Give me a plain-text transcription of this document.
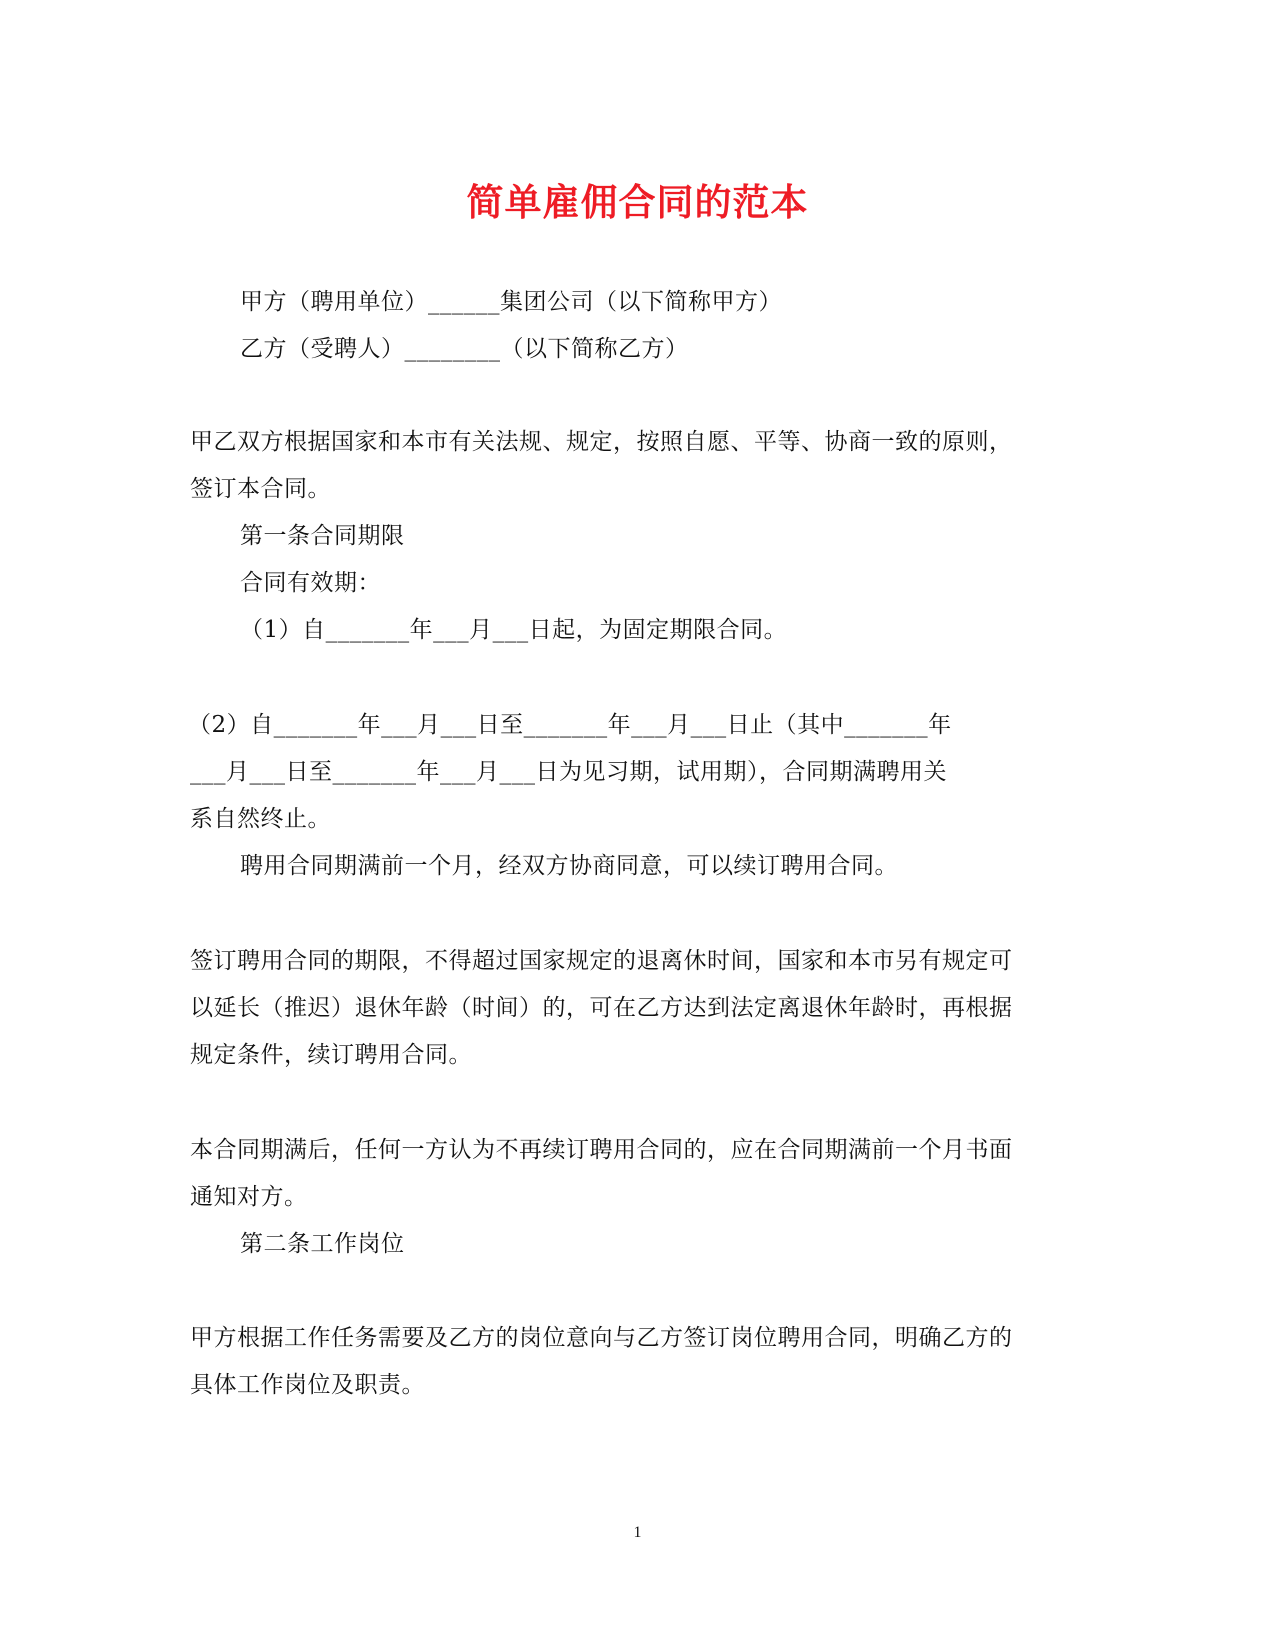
简单雇佣合同的范本
甲方（聘用单位）______集团公司（以下简称甲方）
乙方（受聘人）________（以下简称乙方）
甲乙双方根据国家和本市有关法规、规定，按照自愿、平等、协商一致的原则，
签订本合同。
第一条合同期限
合同有效期：
（1）自_______年___月___日起，为固定期限合同。
（2）自_______年___月___日至_______年___月___日止（其中_______年
___月___日至_______年___月___日为见习期，试用期），合同期满聘用关
系自然终止。
聘用合同期满前一个月，经双方协商同意，可以续订聘用合同。
签订聘用合同的期限，不得超过国家规定的退离休时间，国家和本市另有规定可
以延长（推迟）退休年龄（时间）的，可在乙方达到法定离退休年龄时，再根据
规定条件，续订聘用合同。
本合同期满后，任何一方认为不再续订聘用合同的，应在合同期满前一个月书面
通知对方。
第二条工作岗位
甲方根据工作任务需要及乙方的岗位意向与乙方签订岗位聘用合同，明确乙方的
具体工作岗位及职责。
1
